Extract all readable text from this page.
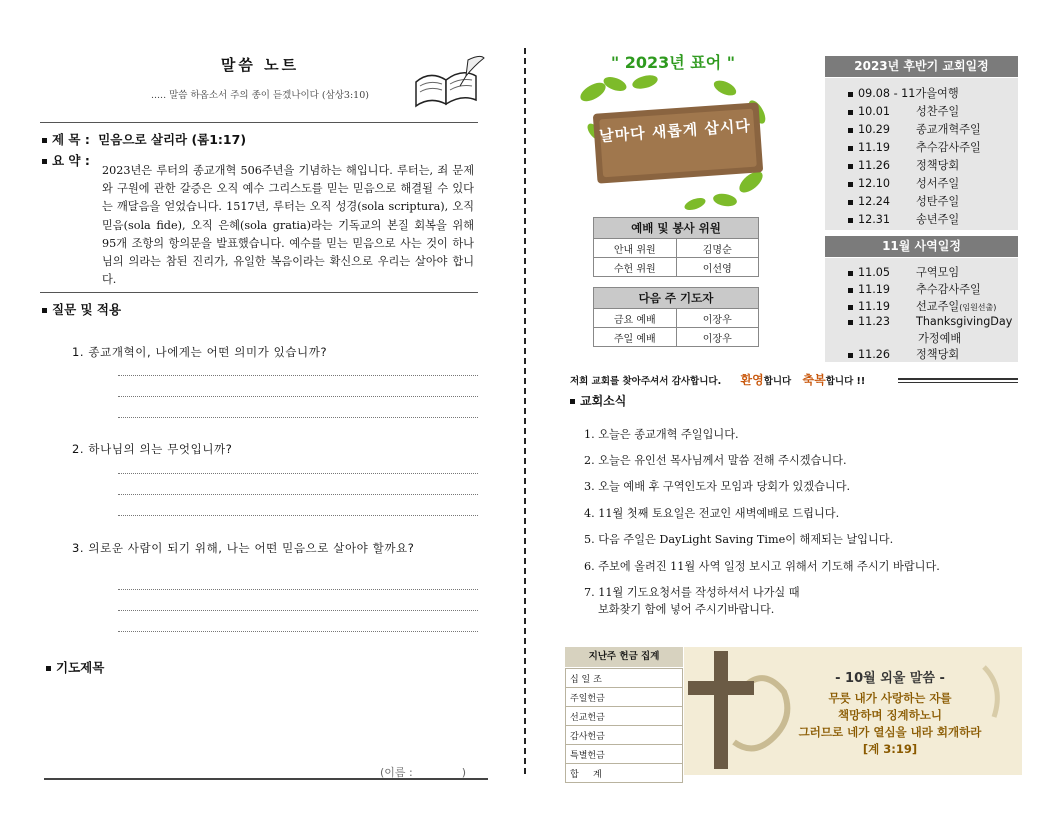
말씀 노트
..... 말씀 하옵소서 주의 종이 듣겠나이다 (삼상3:10)
제 목 : 믿음으로 살리라 (롬1:17)
요 약 :
2023년은 루터의 종교개혁 506주년을 기념하는 해입니다. 루터는, 죄 문제와 구원에 관한 갈증은 오직 예수 그리스도를 믿는 믿음으로 해결될 수 있다는 깨달음을 얻었습니다. 1517년, 루터는 오직 성경(sola scriptura), 오직 믿음(sola fide), 오직 은혜(sola gratia)라는 기독교의 본질 회복을 위해 95개 조항의 항의문을 발표했습니다. 예수를 믿는 믿음으로 사는 것이 하나님의 의라는 참된 진리가, 유일한 복음이라는 확신으로 우리는 살아야 합니다.
질문 및 적용
1. 종교개혁이, 나에게는 어떤 의미가 있습니까?
2. 하나님의 의는 무엇입니까?
3. 의로운 사람이 되기 위해, 나는 어떤 믿음으로 살아야 할까요?
기도제목
(이름 :              )
" 2023년 표어 "
날마다 새롭게 삽시다
예배 및 봉사 위원	
안내 위원	김명순
수헌 위원	이선영
다음 주 기도자	
금요 예배	이장우
주일 예배	이장우
2023년 후반기 교회일정
09.08 - 11가을여행
10.01 성찬주일
10.29 종교개혁주일
11.19 추수감사주일
11.26 정책당회
12.10 성서주일
12.24 성탄주일
12.31 송년주일
11월 사역일정
11.05 구역모임
11.19 추수감사주일
11.19 선교주일(임원선출)
11.23 ThanksgivingDay
가정예배
11.26 정책당회
저희 교회를 찾아주셔서 감사합니다. 환영합니다 축복합니다 !!
교회소식
1. 오늘은 종교개혁 주일입니다.
2. 오늘은 유인선 목사님께서 말씀 전해 주시겠습니다.
3. 오늘 예배 후 구역인도자 모임과 당회가 있겠습니다.
4. 11월 첫째 토요일은 전교인 새벽예배로 드립니다.
5. 다음 주일은 DayLight Saving Time이 해제되는 날입니다.
6. 주보에 올려진 11월 사역 일정 보시고 위해서 기도해 주시기 바랍니다.
7. 11월 기도요청서를 작성하셔서 나가실 때
보화찾기 함에 넣어 주시기바랍니다.
지난주 헌금 집계
십 일 조
주일헌금
선교헌금
감사헌금
특별헌금
합     계
- 10월 외울 말씀 -
무릇 내가 사랑하는 자를
책망하며 징계하노니
그러므로 네가 열심을 내라 회개하라
[계 3:19]
